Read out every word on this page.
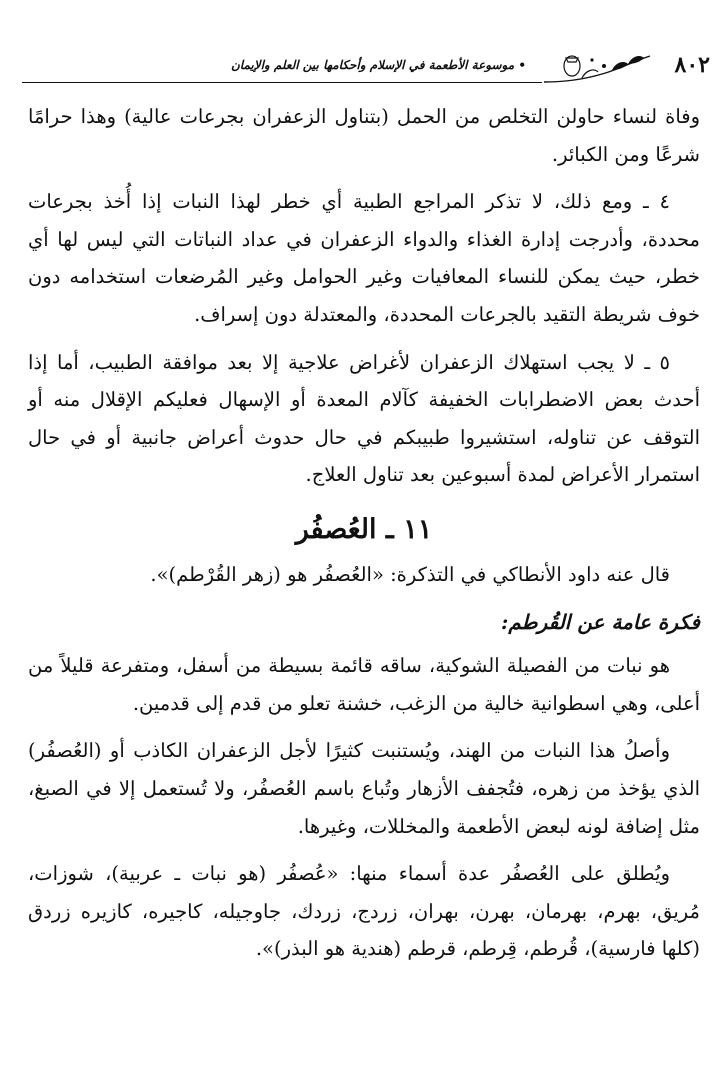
٨٠٢
• موسوعة الأطعمة في الإسلام وأحكامها بين العلم والإيمان

وفاة لنساء حاولن التخلص من الحمل (بتناول الزعفران بجرعات عالية) وهذا حرامًا شرعًا ومن الكبائر.

٤ ـ ومع ذلك، لا تذكر المراجع الطبية أي خطر لهذا النبات إذا أُخذ بجرعات محددة، وأدرجت إدارة الغذاء والدواء الزعفران في عداد النباتات التي ليس لها أي خطر، حيث يمكن للنساء المعافيات وغير الحوامل وغير المُرضعات استخدامه دون خوف شريطة التقيد بالجرعات المحددة، والمعتدلة دون إسراف.

٥ ـ لا يجب استهلاك الزعفران لأغراض علاجية إلا بعد موافقة الطبيب، أما إذا أحدث بعض الاضطرابات الخفيفة كآلام المعدة أو الإسهال فعليكم الإقلال منه أو التوقف عن تناوله، استشيروا طبيبكم في حال حدوث أعراض جانبية أو في حال استمرار الأعراض لمدة أسبوعين بعد تناول العلاج.

١١ ـ العُصفُر

قال عنه داود الأنطاكي في التذكرة: «العُصفُر هو (زهر القُرْطم)».

فكرة عامة عن القُرطم:

هو نبات من الفصيلة الشوكية، ساقه قائمة بسيطة من أسفل، ومتفرعة قليلاً من أعلى، وهي اسطوانية خالية من الزغب، خشنة تعلو من قدم إلى قدمين.

وأصلُ هذا النبات من الهند، ويُستنبت كثيرًا لأجل الزعفران الكاذب أو (العُصفُر) الذي يؤخذ من زهره، فتُجفف الأزهار وتُباع باسم العُصفُر، ولا تُستعمل إلا في الصبغ، مثل إضافة لونه لبعض الأطعمة والمخللات، وغيرها.

ويُطلق على العُصفُر عدة أسماء منها: «عُصفُر (هو نبات ـ عربية)، شوزات، مُريق، بهرم، بهرمان، بهرن، بهران، زردج، زردك، جاوجيله، كاجيره، كازيره زردق (كلها فارسية)، قُرطم، قِرطم، قرطم (هندية هو البذر)».
